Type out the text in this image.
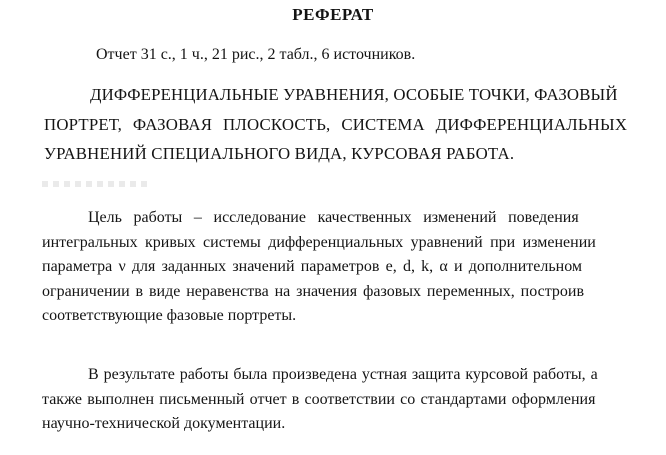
РЕФЕРАТ
Отчет 31 с., 1 ч., 21 рис., 2 табл., 6 источников.
ДИФФЕРЕНЦИАЛЬНЫЕ УРАВНЕНИЯ, ОСОБЫЕ ТОЧКИ, ФАЗОВЫЙ
ПОРТРЕТ, ФАЗОВАЯ ПЛОСКОСТЬ, СИСТЕМА ДИФФЕРЕНЦИАЛЬНЫХ
УРАВНЕНИЙ СПЕЦИАЛЬНОГО ВИДА, КУРСОВАЯ РАБОТА.
Цель работы – исследование качественных изменений поведения
интегральных кривых системы дифференциальных уравнений при изменении
параметра ν для заданных значений параметров e, d, k, α и дополнительном
ограничении в виде неравенства на значения фазовых переменных, построив
соответствующие фазовые портреты.
В результате работы была произведена устная защита курсовой работы, а
также выполнен письменный отчет в соответствии со стандартами оформления
научно-технической документации.
